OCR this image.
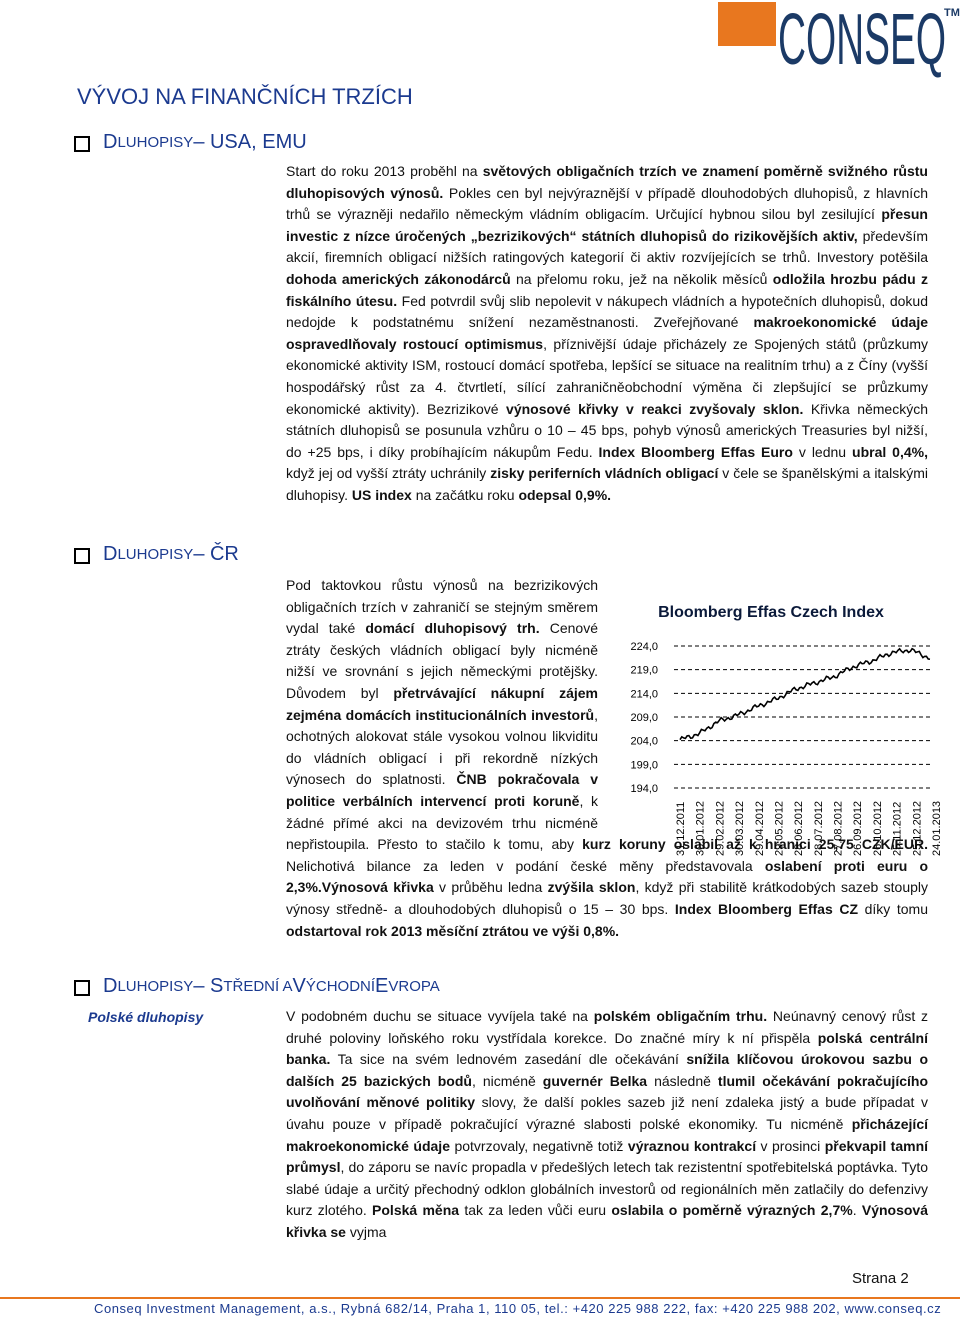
CONSEQ
TM
VÝVOJ NA FINANČNÍCH TRZÍCH
D LUHOPISY – USA, EMU

Start do roku 2013 proběhl na světových obligačních trzích ve znamení poměrně svižného růstu dluhopisových výnosů. Pokles cen byl nejvýraznější v případě dlouhodobých dluhopisů, z hlavních trhů se výrazněji nedařilo německým vládním obligacím. Určující hybnou silou byl zesilující přesun investic z nízce úročených „bezrizikových“ státních dluhopisů do rizikovějších aktiv, především akcií, firemních obligací nižších ratingových kategorií či aktiv rozvíjejících se trhů. Investory potěšila dohoda amerických zákonodárců na přelomu roku, jež na několik měsíců odložila hrozbu pádu z fiskálního útesu. Fed potvrdil svůj slib nepolevit v nákupech vládních a hypotečních dluhopisů, dokud nedojde k podstatnému snížení nezaměstnanosti. Zveřejňované makroekonomické údaje ospravedlňovaly rostoucí optimismus, příznivější údaje přicházely ze Spojených států (průzkumy ekonomické aktivity ISM, rostoucí domácí spotřeba, lepšící se situace na realitním trhu) a z Číny (vyšší hospodářský růst za 4. čtvrtletí, sílící zahraničněobchodní výměna či zlepšující se průzkumy ekonomické aktivity). Bezrizikové výnosové křivky v reakci zvyšovaly sklon. Křivka německých státních dluhopisů se posunula vzhůru o 10 – 45 bps, pohyb výnosů amerických Treasuries byl nižší, do +25 bps, i díky probíhajícím nákupům Fedu. Index Bloomberg Effas Euro v lednu ubral 0,4%, když jej od vyšší ztráty uchránily zisky periferních vládních obligací v čele se španělskými a italskými dluhopisy. US index na začátku roku odepsal 0,9%.

D LUHOPISY – ČR

Pod taktovkou růstu výnosů na bezrizikových obligačních trzích v zahraničí se stejným směrem vydal také domácí dluhopisový trh. Cenové ztráty českých vládních obligací byly nicméně nižší ve srovnání s jejich německými protějšky. Důvodem byl přetrvávající nákupní zájem zejména domácích institucionálních investorů, ochotných alokovat stále vysokou volnou likviditu do vládních obligací i při rekordně nízkých výnosech do splatnosti. ČNB pokračovala v politice verbálních intervencí proti koruně, k žádné přímé akci na devizovém trhu nicméně nepřistoupila. Přesto to stačilo k tomu, aby kurz koruny oslabil až k hranici 25,75 CZK/EUR. Nelichotivá bilance za leden v podání české měny představovala oslabení proti euru o 2,3%.Výnosová křivka v průběhu ledna zvýšila sklon, když při stabilitě krátkodobých sazeb stouply výnosy středně- a dlouhodobých dluhopisů o 15 – 30 bps. Index Bloomberg Effas CZ díky tomu odstartoval rok 2013 měsíční ztrátou ve výši 0,8%.

Bloomberg Effas Czech Index
224,0
219,0
214,0
209,0
204,0
199,0
194,0
31.12.2011 30.01.2012 29.02.2012 30.03.2012 29.04.2012 29.05.2012 28.06.2012 28.07.2012 27.08.2012 26.09.2012 26.10.2012 25.11.2012 25.12.2012 24.01.2013
D LUHOPISY – S TŘEDNÍ A V ÝCHODNÍ E VROPA
Polské dluhopisy	V podobném duchu se situace vyvíjela také na polském obligačním trhu. Neúnavný cenový růst z druhé poloviny loňského roku vystřídala korekce. Do značné míry k ní přispěla polská centrální banka. Ta sice na svém lednovém zasedání dle očekávání snížila klíčovou úrokovou sazbu o dalších 25 bazických bodů, nicméně guvernér Belka následně tlumil očekávání pokračujícího uvolňování měnové politiky slovy, že další pokles sazeb již není zdaleka jistý a bude případat v úvahu pouze v případě pokračující výrazné slabosti polské ekonomiky. Tu nicméně přicházející makroekonomické údaje potvrzovaly, negativně totiž výraznou kontrakcí v prosinci překvapil tamní průmysl, do záporu se navíc propadla v předešlých letech tak rezistentní spotřebitelská poptávka. Tyto slabé údaje a určitý přechodný odklon globálních investorů od regionálních měn zatlačily do defenzivy kurz zlotého. Polská měna tak za leden vůči euru oslabila o poměrně výrazných 2,7%. Výnosová křivka se vyjma

Strana 2
Conseq Investment Management, a.s., Rybná 682/14, Praha 1, 110 05, tel.: +420 225 988 222, fax: +420 225 988 202, www.conseq.cz
